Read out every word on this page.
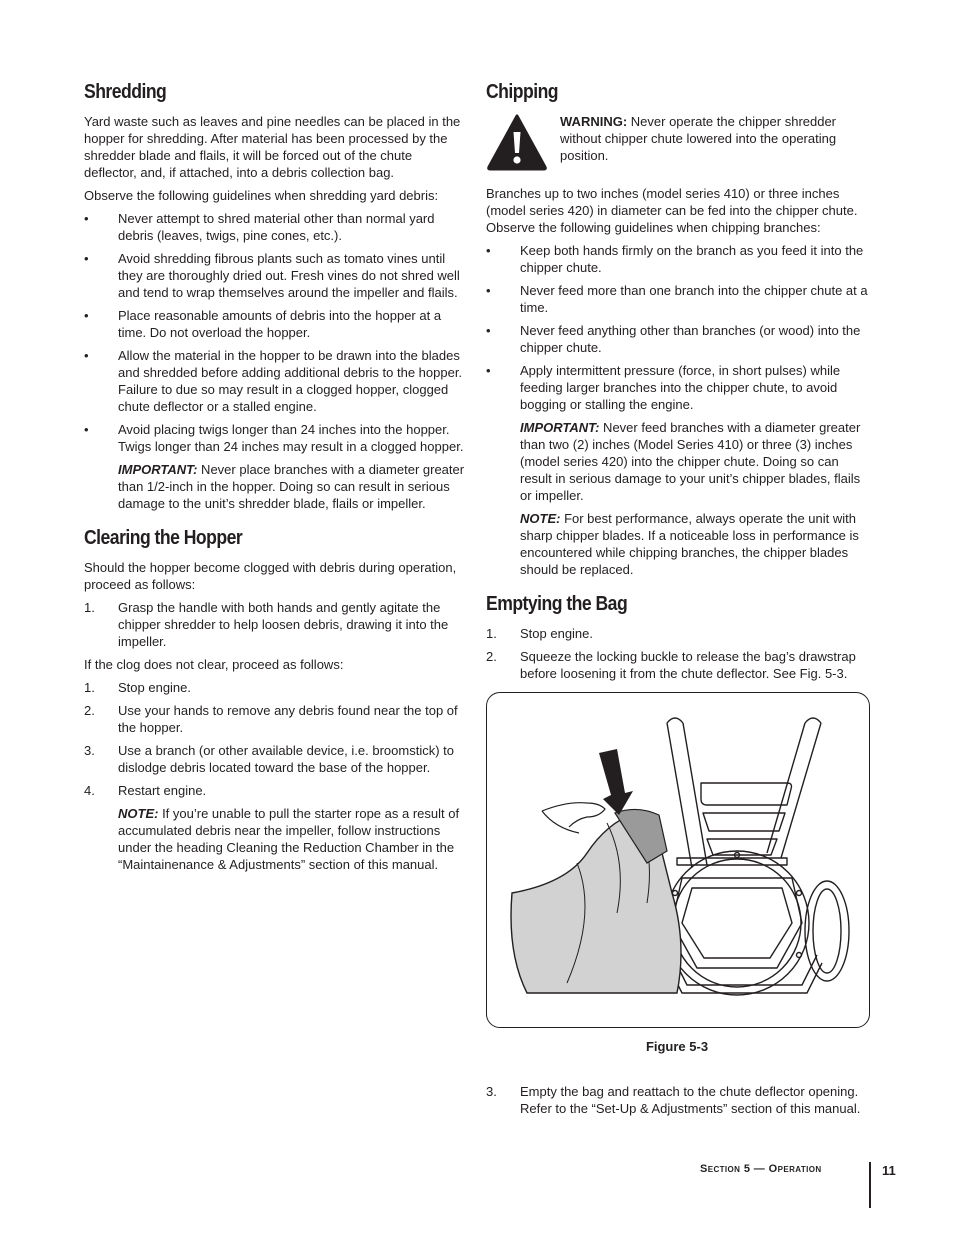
Shredding

Yard waste such as leaves and pine needles can be placed in the hopper for shredding. After material has been processed by the shredder blade and flails, it will be forced out of the chute deflector, and, if attached, into a debris collection bag.

Observe the following guidelines when shredding yard debris:

• Never attempt to shred material other than normal yard debris (leaves, twigs, pine cones, etc.).
• Avoid shredding fibrous plants such as tomato vines until they are thoroughly dried out. Fresh vines do not shred well and tend to wrap themselves around the impeller and flails.
• Place reasonable amounts of debris into the hopper at a time. Do not overload the hopper.
• Allow the material in the hopper to be drawn into the blades and shredded before adding additional debris to the hopper. Failure to due so may result in a clogged hopper, clogged chute deflector or a stalled engine.
• Avoid placing twigs longer than 24 inches into the hopper. Twigs longer than 24 inches may result in a clogged hopper.

IMPORTANT: Never place branches with a diameter greater than 1/2-inch in the hopper. Doing so can result in serious damage to the unit’s shredder blade, flails or impeller.

Clearing the Hopper

Should the hopper become clogged with debris during operation, proceed as follows:

1. Grasp the handle with both hands and gently agitate the chipper shredder to help loosen debris, drawing it into the impeller.

If the clog does not clear, proceed as follows:

1. Stop engine.
2. Use your hands to remove any debris found near the top of the hopper.
3. Use a branch (or other available device, i.e. broomstick) to dislodge debris located toward the base of the hopper.
4. Restart engine.

NOTE: If you’re unable to pull the starter rope as a result of accumulated debris near the impeller, follow instructions under the heading Cleaning the Reduction Chamber in the “Maintainenance & Adjustments” section of this manual.

Chipping

WARNING: Never operate the chipper shredder without chipper chute lowered into the operating position.

Branches up to two inches (model series 410) or three inches (model series 420) in diameter can be fed into the chipper chute. Observe the following guidelines when chipping branches:

• Keep both hands firmly on the branch as you feed it into the chipper chute.
• Never feed more than one branch into the chipper chute at a time.
• Never feed anything other than branches (or wood) into the chipper chute.
• Apply intermittent pressure (force, in short pulses) while feeding larger branches into the chipper chute, to avoid bogging or stalling the engine.

IMPORTANT: Never feed branches with a diameter greater than two (2) inches (Model Series 410) or three (3) inches (model series 420) into the chipper chute. Doing so can result in serious damage to your unit’s chipper blades, flails or impeller.

NOTE: For best performance, always operate the unit with sharp chipper blades. If a noticeable loss in performance is encountered while chipping branches, the chipper blades should be replaced.

Emptying the Bag
1. Stop engine.
2. Squeeze the locking buckle to release the bag’s drawstrap before loosening it from the chute deflector. See Fig. 5-3.
Figure 5-3
3. Empty the bag and reattach to the chute deflector opening. Refer to the “Set-Up & Adjustments” section of this manual.
Section 5 — Operation	11
